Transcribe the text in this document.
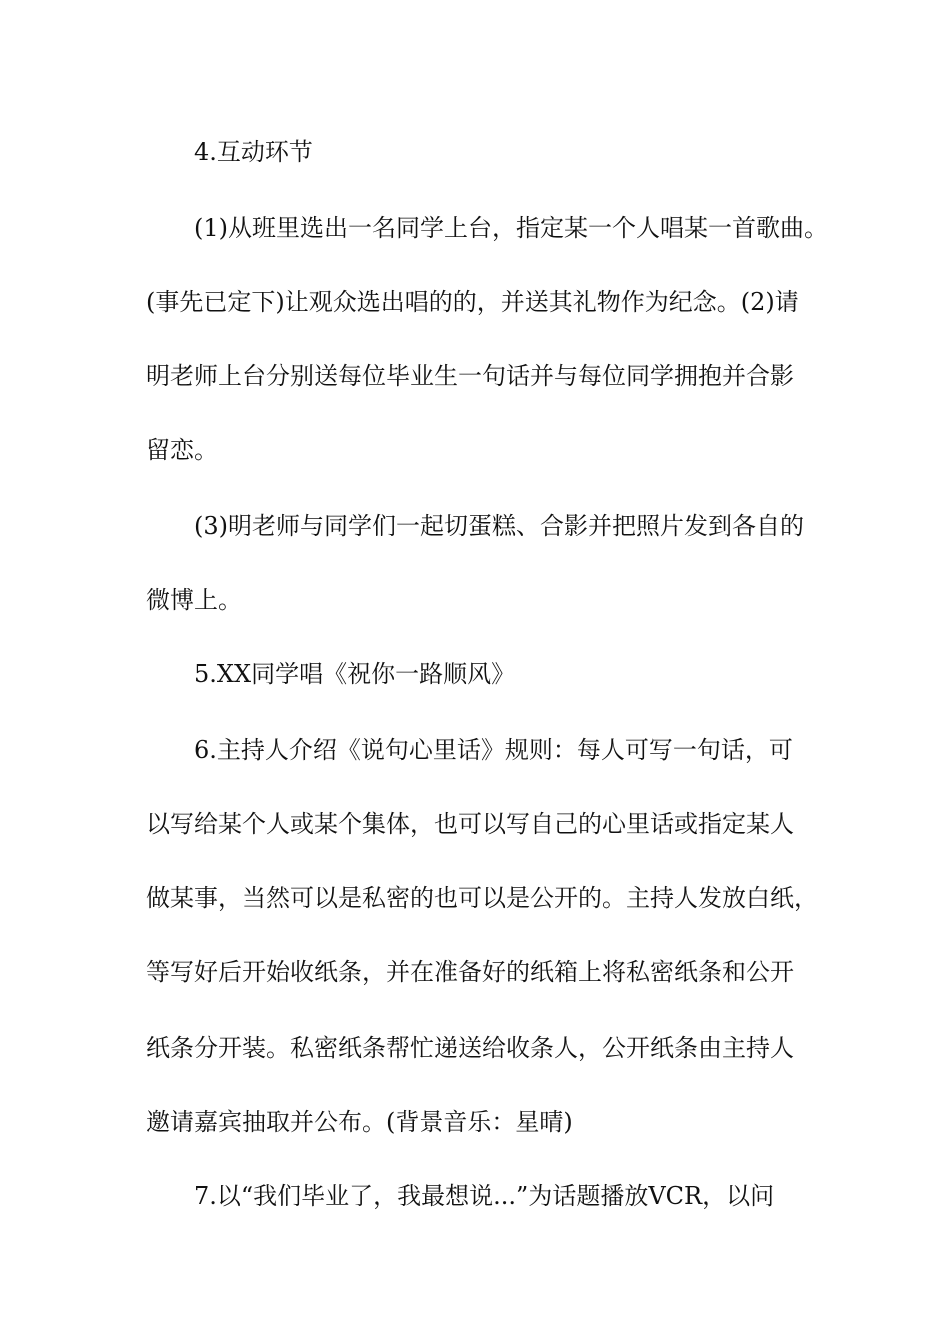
4.互动环节
(1)从班里选出一名同学上台，指定某一个人唱某一首歌曲。
(事先已定下)让观众选出唱的的，并送其礼物作为纪念。(2)请
明老师上台分别送每位毕业生一句话并与每位同学拥抱并合影
留恋。
(3)明老师与同学们一起切蛋糕、合影并把照片发到各自的
微博上。
5.XX同学唱《祝你一路顺风》
6.主持人介绍《说句心里话》规则：每人可写一句话，可
以写给某个人或某个集体，也可以写自己的心里话或指定某人
做某事，当然可以是私密的也可以是公开的。主持人发放白纸，
等写好后开始收纸条，并在准备好的纸箱上将私密纸条和公开
纸条分开装。私密纸条帮忙递送给收条人，公开纸条由主持人
邀请嘉宾抽取并公布。(背景音乐：星晴)
7.以“我们毕业了，我最想说...”为话题播放VCR，以问
